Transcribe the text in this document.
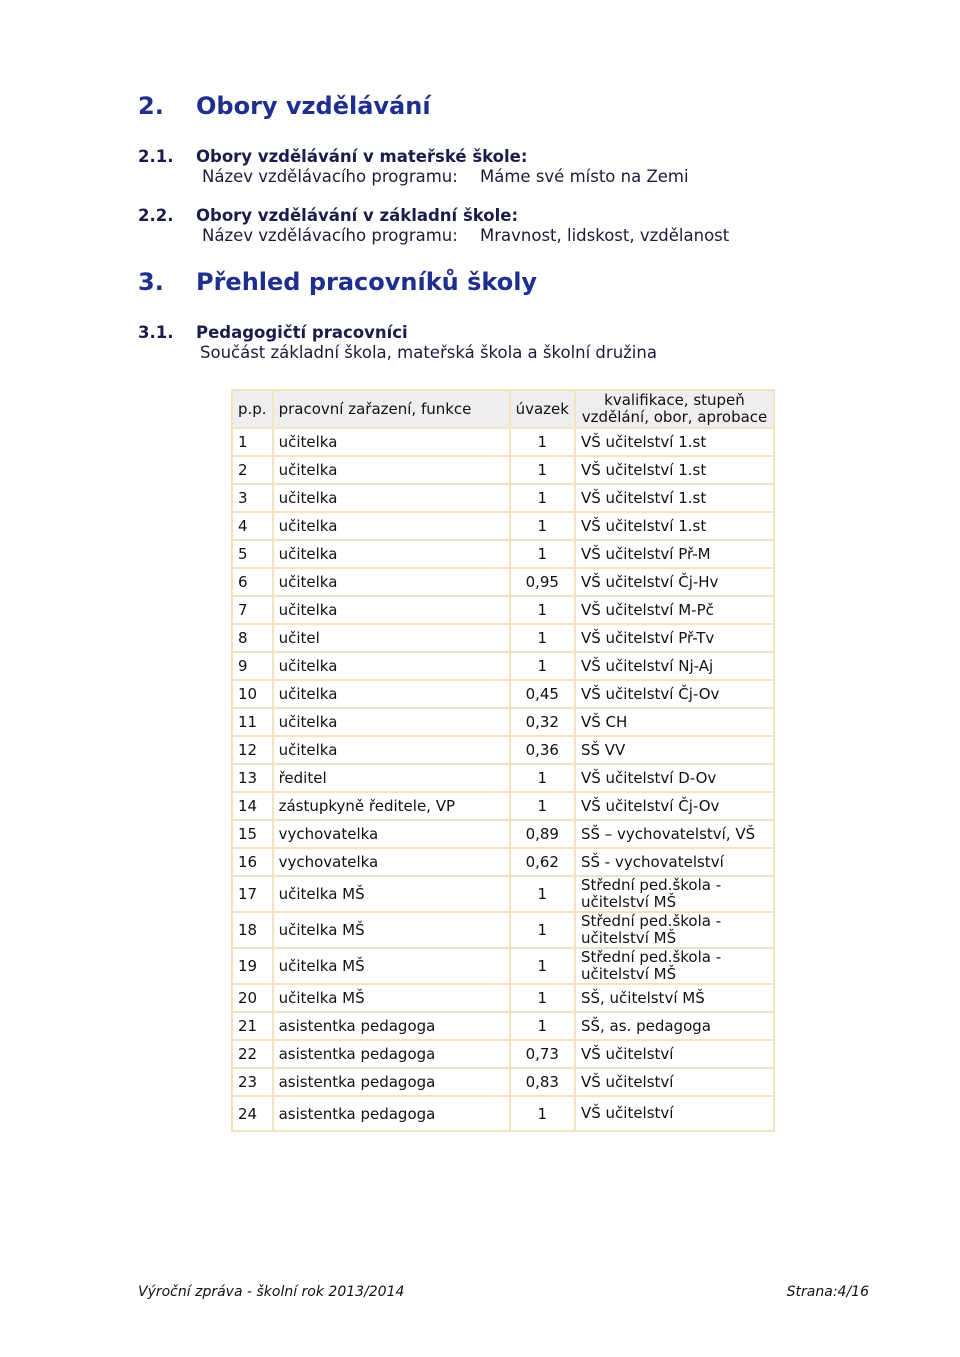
2. Obory vzdělávání
2.1. Obory vzdělávání v mateřské škole:
Název vzdělávacího programu: Máme své místo na Zemi
2.2. Obory vzdělávání v základní škole:
Název vzdělávacího programu: Mravnost, lidskost, vzdělanost
3. Přehled pracovníků školy
3.1. Pedagogičtí pracovníci
Součást základní škola, mateřská škola a školní družina
p.p.	pracovní zařazení, funkce	úvazek	kvalifikace, stupeň vzdělání, obor, aprobace
1	učitelka	1	VŠ učitelství 1.st
2	učitelka	1	VŠ učitelství 1.st
3	učitelka	1	VŠ učitelství 1.st
4	učitelka	1	VŠ učitelství 1.st
5	učitelka	1	VŠ učitelství Př-M
6	učitelka	0,95	VŠ učitelství Čj-Hv
7	učitelka	1	VŠ učitelství M-Pč
8	učitel	1	VŠ učitelství Př-Tv
9	učitelka	1	VŠ učitelství Nj-Aj
10	učitelka	0,45	VŠ učitelství Čj-Ov
11	učitelka	0,32	VŠ CH
12	učitelka	0,36	SŠ VV
13	ředitel	1	VŠ učitelství D-Ov
14	zástupkyně ředitele, VP	1	VŠ učitelství Čj-Ov
15	vychovatelka	0,89	SŠ – vychovatelství, VŠ
16	vychovatelka	0,62	SŠ - vychovatelství
17	učitelka MŠ	1	Střední ped.škola - učitelství MŠ
18	učitelka MŠ	1	Střední ped.škola - učitelství MŠ
19	učitelka MŠ	1	Střední ped.škola - učitelství MŠ
20	učitelka MŠ	1	SŠ, učitelství MŠ
21	asistentka pedagoga	1	SŠ, as. pedagoga
22	asistentka pedagoga	0,73	VŠ učitelství
23	asistentka pedagoga	0,83	VŠ učitelství
24	asistentka pedagoga	1	VŠ učitelství
Výroční zpráva - školní rok 2013/2014	Strana:4/16
